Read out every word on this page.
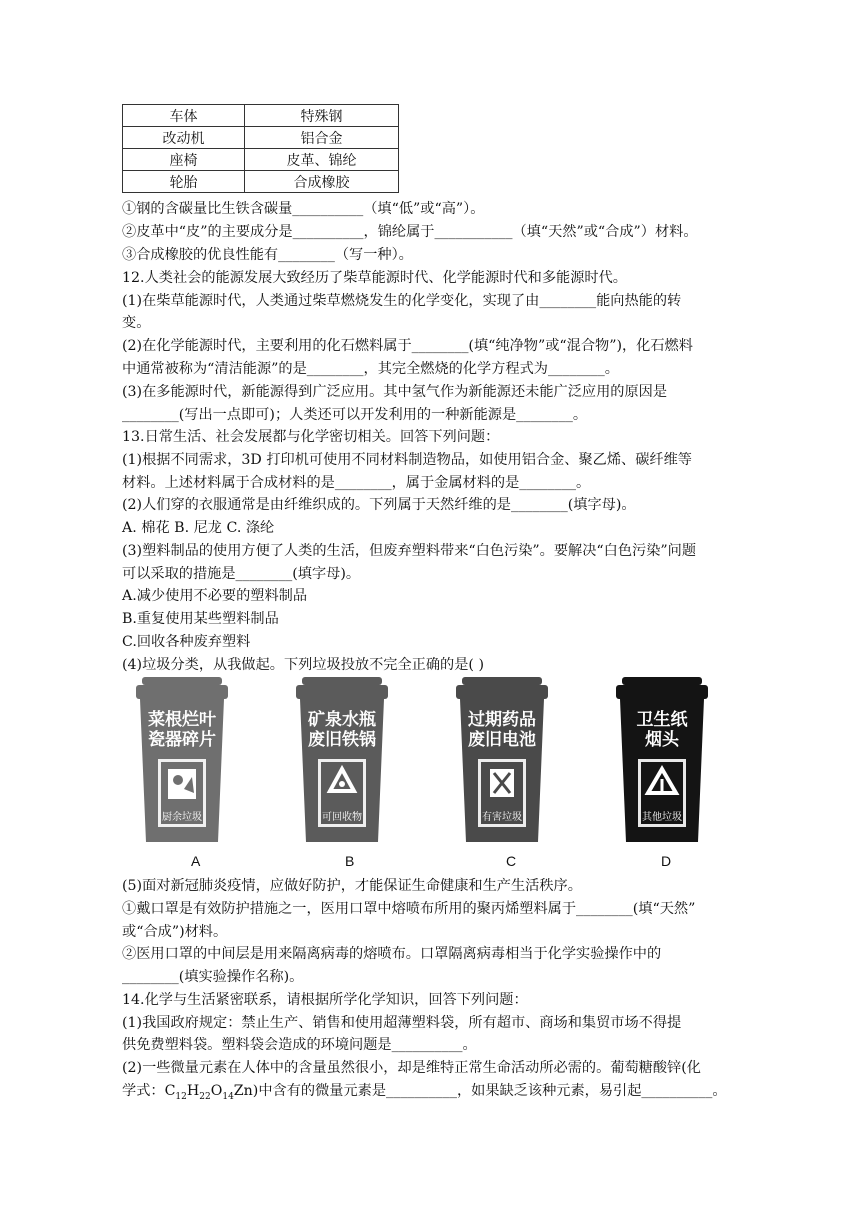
车体	特殊钢
改动机	铝合金
座椅	皮革、锦纶
轮胎	合成橡胶
①钢的含碳量比生铁含碳量__________（填“低”或“高”）。
②皮革中“皮”的主要成分是__________，锦纶属于___________（填“天然”或“合成”）材料。
③合成橡胶的优良性能有________（写一种）。
12.人类社会的能源发展大致经历了柴草能源时代、化学能源时代和多能源时代。
(1)在柴草能源时代，人类通过柴草燃烧发生的化学变化，实现了由________能向热能的转
变。
(2)在化学能源时代，主要利用的化石燃料属于________(填“纯净物”或“混合物”)，化石燃料
中通常被称为“清洁能源”的是________，其完全燃烧的化学方程式为________。
(3)在多能源时代，新能源得到广泛应用。其中氢气作为新能源还未能广泛应用的原因是
________(写出一点即可)；人类还可以开发利用的一种新能源是________。
13.日常生活、社会发展都与化学密切相关。回答下列问题：
(1)根据不同需求，3D 打印机可使用不同材料制造物品，如使用铝合金、聚乙烯、碳纤维等
材料。上述材料属于合成材料的是________，属于金属材料的是________。
(2)人们穿的衣服通常是由纤维织成的。下列属于天然纤维的是________(填字母)。
A. 棉花 B. 尼龙 C. 涤纶
(3)塑料制品的使用方便了人类的生活，但废弃塑料带来“白色污染”。要解决“白色污染”问题
可以采取的措施是________(填字母)。
A.减少使用不必要的塑料制品
B.重复使用某些塑料制品
C.回收各种废弃塑料
(4)垃圾分类，从我做起。下列垃圾投放不完全正确的是( )
菜根烂叶
瓷器碎片
厨余垃圾
矿泉水瓶
废旧铁锅
可回收物
过期药品
废旧电池
有害垃圾
卫生纸
烟头
其他垃圾
A	B	C	D
(5)面对新冠肺炎疫情，应做好防护，才能保证生命健康和生产生活秩序。
①戴口罩是有效防护措施之一，医用口罩中熔喷布所用的聚丙烯塑料属于________(填“天然”
或“合成”)材料。
②医用口罩的中间层是用来隔离病毒的熔喷布。口罩隔离病毒相当于化学实验操作中的
________(填实验操作名称)。
14.化学与生活紧密联系，请根据所学化学知识，回答下列问题：
(1)我国政府规定：禁止生产、销售和使用超薄塑料袋，所有超市、商场和集贸市场不得提
供免费塑料袋。塑料袋会造成的环境问题是__________。
(2)一些微量元素在人体中的含量虽然很小，却是维特正常生命活动所必需的。葡萄糖酸锌(化
学式：$C_{12}H_{22}O_{14}Zn$)中含有的微量元素是__________，如果缺乏该种元素，易引起__________。
